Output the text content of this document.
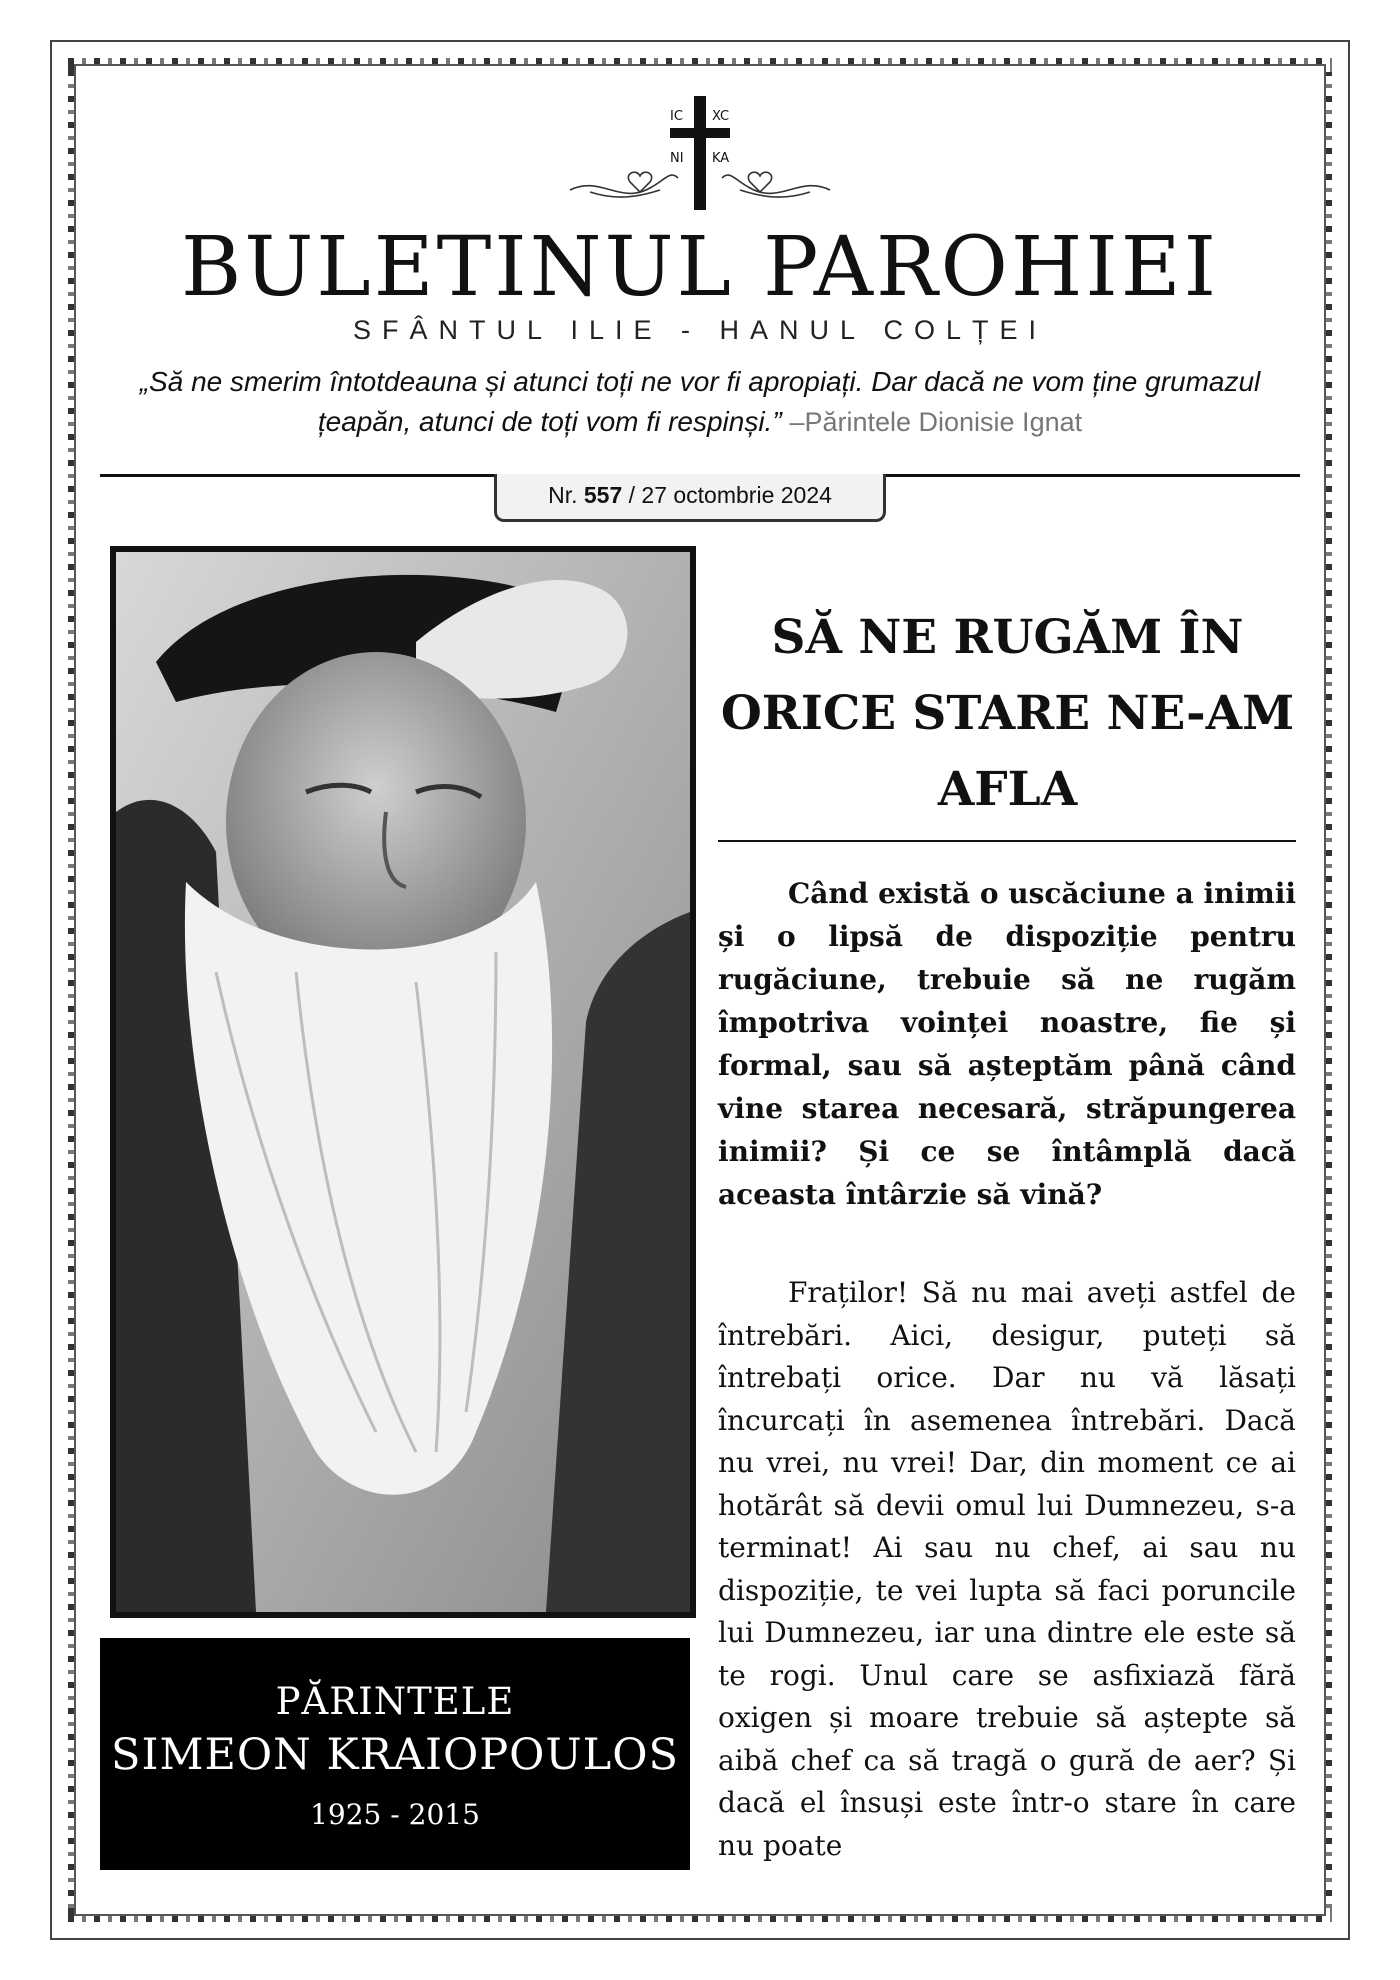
IC XC
NI KA
BULETINUL PAROHIEI
SFÂNTUL ILIE - HANUL COLȚEI
„Să ne smerim întotdeauna și atunci toți ne vor fi apropiați. Dar dacă ne vom ține grumazul țeapăn, atunci de toți vom fi respinși.” –Părintele Dionisie Ignat
Nr. 557 / 27 octombrie 2024
PĂRINTELE
SIMEON KRAIOPOULOS
1925 - 2015
SĂ NE RUGĂM ÎN ORICE STARE NE-AM AFLA

Când există o uscăciune a inimii și o lipsă de dispoziție pentru rugăciune, trebuie să ne rugăm împotriva voinței noastre, fie și formal, sau să așteptăm până când vine starea necesară, străpungerea inimii? Și ce se întâmplă dacă aceasta întârzie să vină?

Fraților! Să nu mai aveți astfel de întrebări. Aici, desigur, puteți să întrebați orice. Dar nu vă lăsați încurcați în asemenea întrebări. Dacă nu vrei, nu vrei! Dar, din moment ce ai hotărât să devii omul lui Dumnezeu, s-a terminat! Ai sau nu chef, ai sau nu dispoziție, te vei lupta să faci poruncile lui Dumnezeu, iar una dintre ele este să te rogi. Unul care se asfixiază fără oxigen și moare trebuie să aștepte să aibă chef ca să tragă o gură de aer? Și dacă el însuși este într-o stare în care nu poate
